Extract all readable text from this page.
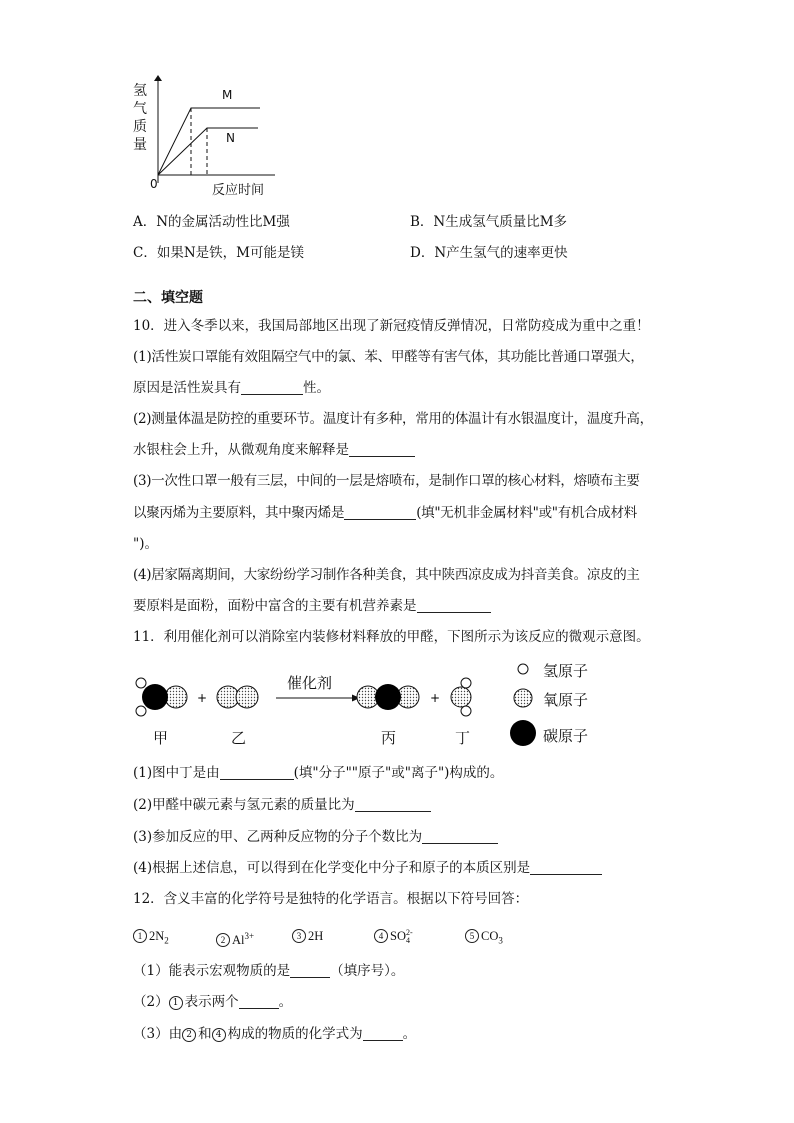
氢
气
质
量
0	反应时间
M
N
A．N的金属活动性比M强	B．N生成氢气质量比M多
C．如果N是铁，M可能是镁	D．N产生氢气的速率更快
二、填空题
10．进入冬季以来，我国局部地区出现了新冠疫情反弹情况，日常防疫成为重中之重！
(1)活性炭口罩能有效阻隔空气中的氯、苯、甲醛等有害气体，其功能比普通口罩强大，
原因是活性炭具有	性。
(2)测量体温是防控的重要环节。温度计有多种，常用的体温计有水银温度计，温度升高，
水银柱会上升，从微观角度来解释是
(3)一次性口罩一般有三层，中间的一层是熔喷布，是制作口罩的核心材料，熔喷布主要
以聚丙烯为主要原料，其中聚丙烯是	(填"无机非金属材料"或"有机合成材料
")。
(4)居家隔离期间，大家纷纷学习制作各种美食，其中陕西凉皮成为抖音美食。凉皮的主
要原料是面粉，面粉中富含的主要有机营养素是
11．利用催化剂可以消除室内装修材料释放的甲醛，下图所示为该反应的微观示意图。
+	+
催化剂
甲	乙	丙	丁
氢原子
氧原子
碳原子
(1)图中丁是由	(填"分子""原子"或"离子")构成的。
(2)甲醛中碳元素与氢元素的质量比为
(3)参加反应的甲、乙两种反应物的分子个数比为
(4)根据上述信息，可以得到在化学变化中分子和原子的本质区别是
12．含义丰富的化学符号是独特的化学语言。根据以下符号回答：
1 $2N_2$	2 $Al^{3+}$	3 2H	4 SO 2-
4	5 $CO_3$
（1）能表示宏观物质的是	（填序号）。
（2） 1 表示两个	。
（3）由 2 和 4 构成的物质的化学式为	。
